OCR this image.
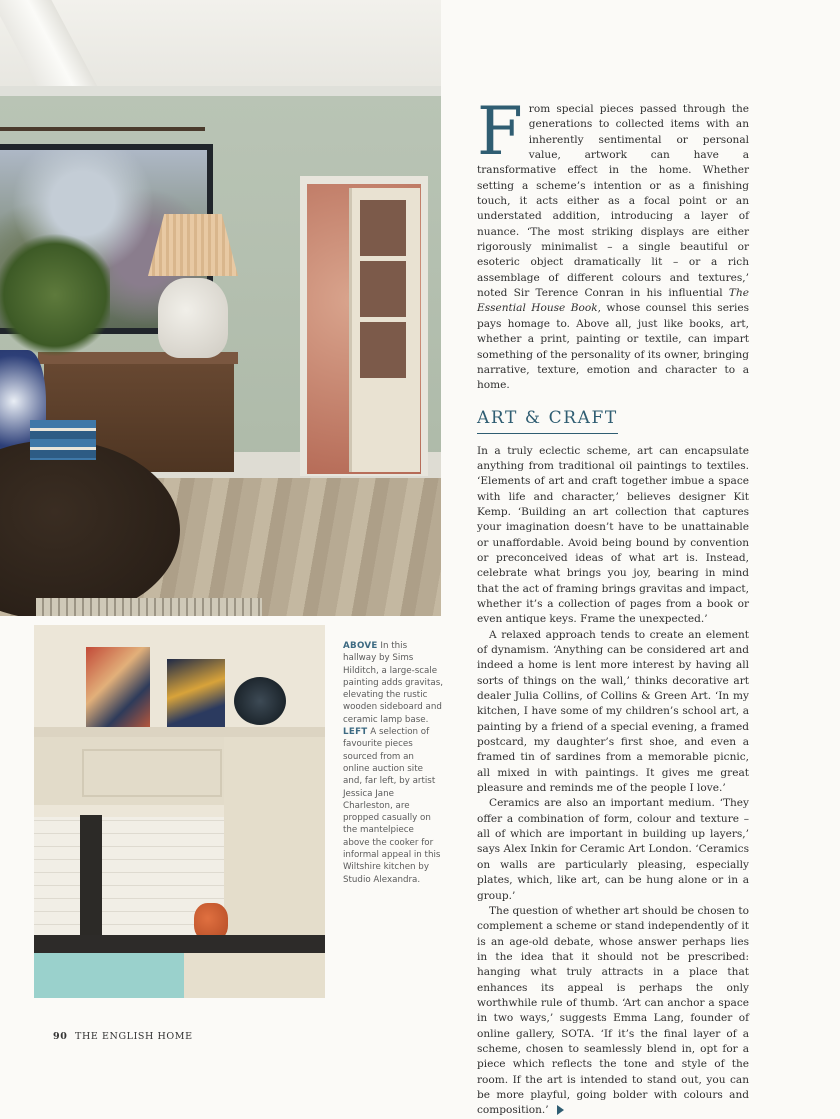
ABOVE In this hallway by Sims Hilditch, a large-scale painting adds gravitas, elevating the rustic wooden sideboard and ceramic lamp base. LEFT A selection of favourite pieces sourced from an online auction site and, far left, by artist Jessica Jane Charleston, are propped casually on the mantelpiece above the cooker for informal appeal in this Wiltshire kitchen by Studio Alexandra.

From special pieces passed through the generations to collected items with an inherently sentimental or personal value, artwork can have a transformative effect in the home. Whether setting a scheme’s intention or as a finishing touch, it acts either as a focal point or an understated addition, introducing a layer of nuance. ‘The most striking displays are either rigorously minimalist – a single beautiful or esoteric object dramatically lit – or a rich assemblage of different colours and textures,’ noted Sir Terence Conran in his influential The Essential House Book, whose counsel this series pays homage to. Above all, just like books, art, whether a print, painting or textile, can impart something of the personality of its owner, bringing narrative, texture, emotion and character to a home.

ART & CRAFT

In a truly eclectic scheme, art can encapsulate anything from traditional oil paintings to textiles. ‘Elements of art and craft together imbue a space with life and character,’ believes designer Kit Kemp. ‘Building an art collection that captures your imagination doesn’t have to be unattainable or unaffordable. Avoid being bound by convention or preconceived ideas of what art is. Instead, celebrate what brings you joy, bearing in mind that the act of framing brings gravitas and impact, whether it’s a collection of pages from a book or even antique keys. Frame the unexpected.’

A relaxed approach tends to create an element of dynamism. ‘Anything can be considered art and indeed a home is lent more interest by having all sorts of things on the wall,’ thinks decorative art dealer Julia Collins, of Collins & Green Art. ‘In my kitchen, I have some of my children’s school art, a painting by a friend of a special evening, a framed postcard, my daughter’s first shoe, and even a framed tin of sardines from a memorable picnic, all mixed in with paintings. It gives me great pleasure and reminds me of the people I love.’

Ceramics are also an important medium. ‘They offer a combination of form, colour and texture – all of which are important in building up layers,’ says Alex Inkin for Ceramic Art London. ‘Ceramics on walls are particularly pleasing, especially plates, which, like art, can be hung alone or in a group.’

The question of whether art should be chosen to complement a scheme or stand independently of it is an age-old debate, whose answer perhaps lies in the idea that it should not be prescribed: hanging what truly attracts in a place that enhances its appeal is perhaps the only worthwhile rule of thumb. ‘Art can anchor a space in two ways,’ suggests Emma Lang, founder of online gallery, SOTA. ‘If it’s the final layer of a scheme, chosen to seamlessly blend in, opt for a piece which reflects the tone and style of the room. If the art is intended to stand out, you can be more playful, going bolder with colours and composition.’

90 THE ENGLISH HOME
